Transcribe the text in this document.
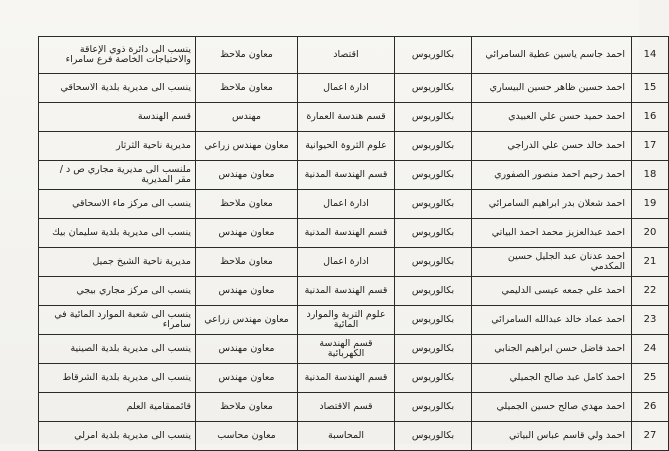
14	احمد جاسم ياسين عطية السامرائي	بكالوريوس	اقتصاد	معاون ملاحظ	ينسب الى دائرة ذوي الإعاقة والاحتياجات الخاصة فرع سامراء
15	احمد حسين ظاهر حسين البيساري	بكالوريوس	ادارة اعمال	معاون ملاحظ	ينسب الى مديرية بلدية الاسحاقي
16	احمد حميد حسن علي العبيدي	بكالوريوس	قسم هندسة العمارة	مهندس	قسم الهندسة
17	احمد خالد حسن علي الدراجي	بكالوريوس	علوم الثروة الحيوانية	معاون مهندس زراعي	مديرية ناحية الثرثار
18	احمد رحيم احمد منصور الصفوري	بكالوريوس	قسم الهندسة المدنية	معاون مهندس	ملنسب الى مديرية مجاري ص د / مقر المديرية
19	احمد شعلان بدر ابراهيم السامرائي	بكالوريوس	ادارة اعمال	معاون ملاحظ	ينسب الى مركز ماء الاسحاقي
20	احمد عبدالعزيز محمد احمد البياتي	بكالوريوس	قسم الهندسة المدنية	معاون مهندس	ينسب الى مديرية بلدية سليمان بيك
21	احمد عدنان عبد الجليل حسين المكدمي	بكالوريوس	ادارة اعمال	معاون ملاحظ	مديرية ناحية الشيخ جميل
22	احمد علي جمعه عيسى الدليمي	بكالوريوس	قسم الهندسة المدنية	معاون مهندس	ينسب الى مركز مجاري بيجي
23	احمد عماد خالد عبدالله السامرائي	بكالوريوس	علوم التربة والموارد المائية	معاون مهندس زراعي	ينسب الى شعبة الموارد المائية في سامراء
24	احمد فاضل حسن ابراهيم الجنابي	بكالوريوس	قسم الهندسة الكهربائية	معاون مهندس	ينسب الى مديرية بلدية الصينية
25	احمد كامل عبد صالح الجميلي	بكالوريوس	قسم الهندسة المدنية	معاون مهندس	ينسب الى مديرية بلدية الشرقاط
26	احمد مهدي صالح حسين الجميلي	بكالوريوس	قسم الاقتصاد	معاون ملاحظ	قائممقامية العلم
27	احمد ولي قاسم عباس البياتي	بكالوريوس	المحاسبة	معاون محاسب	ينسب الى مديرية بلدية امرلي
